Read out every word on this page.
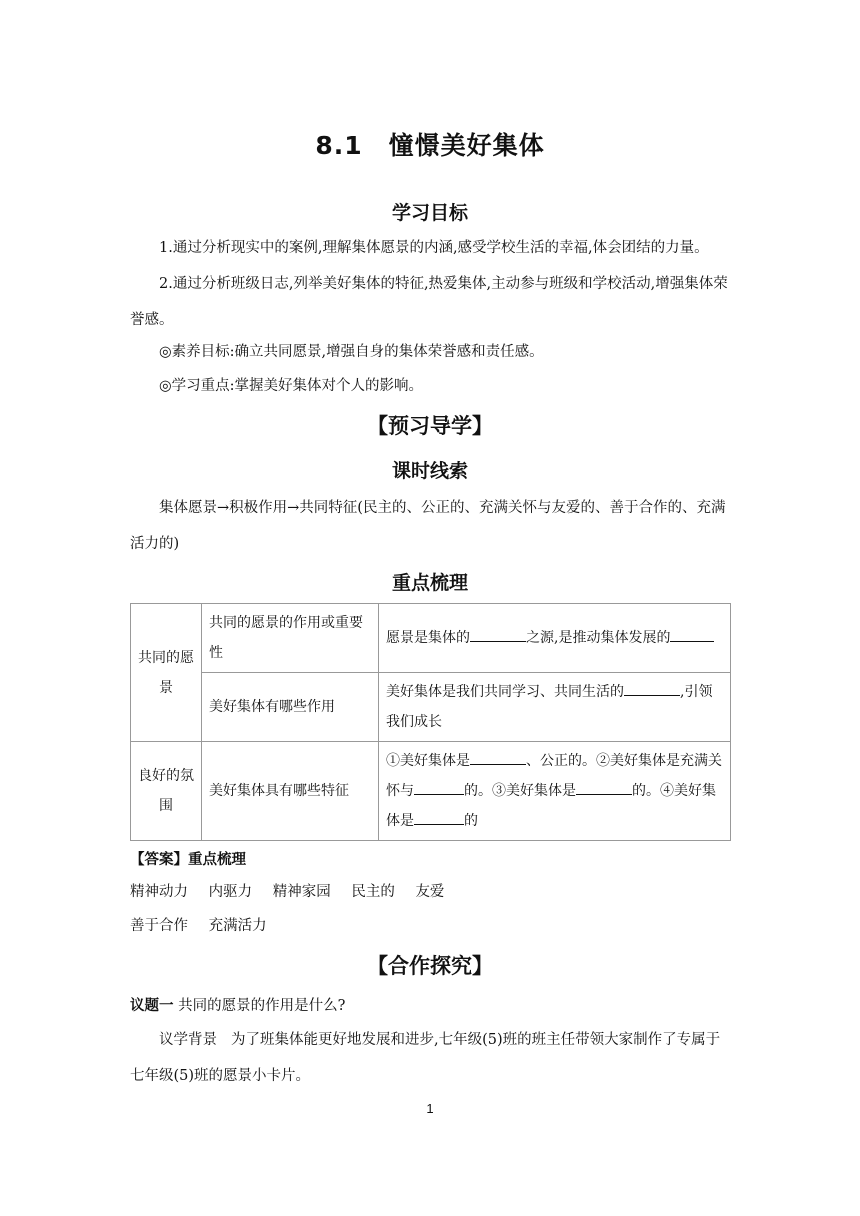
8.1　憧憬美好集体
学习目标
1.通过分析现实中的案例,理解集体愿景的内涵,感受学校生活的幸福,体会团结的力量。
2.通过分析班级日志,列举美好集体的特征,热爱集体,主动参与班级和学校活动,增强集体荣誉感。
◎素养目标:确立共同愿景,增强自身的集体荣誉感和责任感。
◎学习重点:掌握美好集体对个人的影响。
【预习导学】
课时线索
集体愿景→积极作用→共同特征(民主的、公正的、充满关怀与友爱的、善于合作的、充满活力的)
重点梳理
共同的愿景	共同的愿景的作用或重要性	愿景是集体的 之源,是推动集体发展的
	美好集体有哪些作用	美好集体是我们共同学习、共同生活的 ,引领我们成长
良好的氛围	美好集体具有哪些特征	①美好集体是 、公正的。②美好集体是充满关怀与 的。③美好集体是 的。④美好集体是 的
【答案】重点梳理
精神动力 内驱力 精神家园 民主的 友爱
善于合作 充满活力
【合作探究】
议题一 共同的愿景的作用是什么?
议学背景 为了班集体能更好地发展和进步,七年级(5)班的班主任带领大家制作了专属于七年级(5)班的愿景小卡片。
1
